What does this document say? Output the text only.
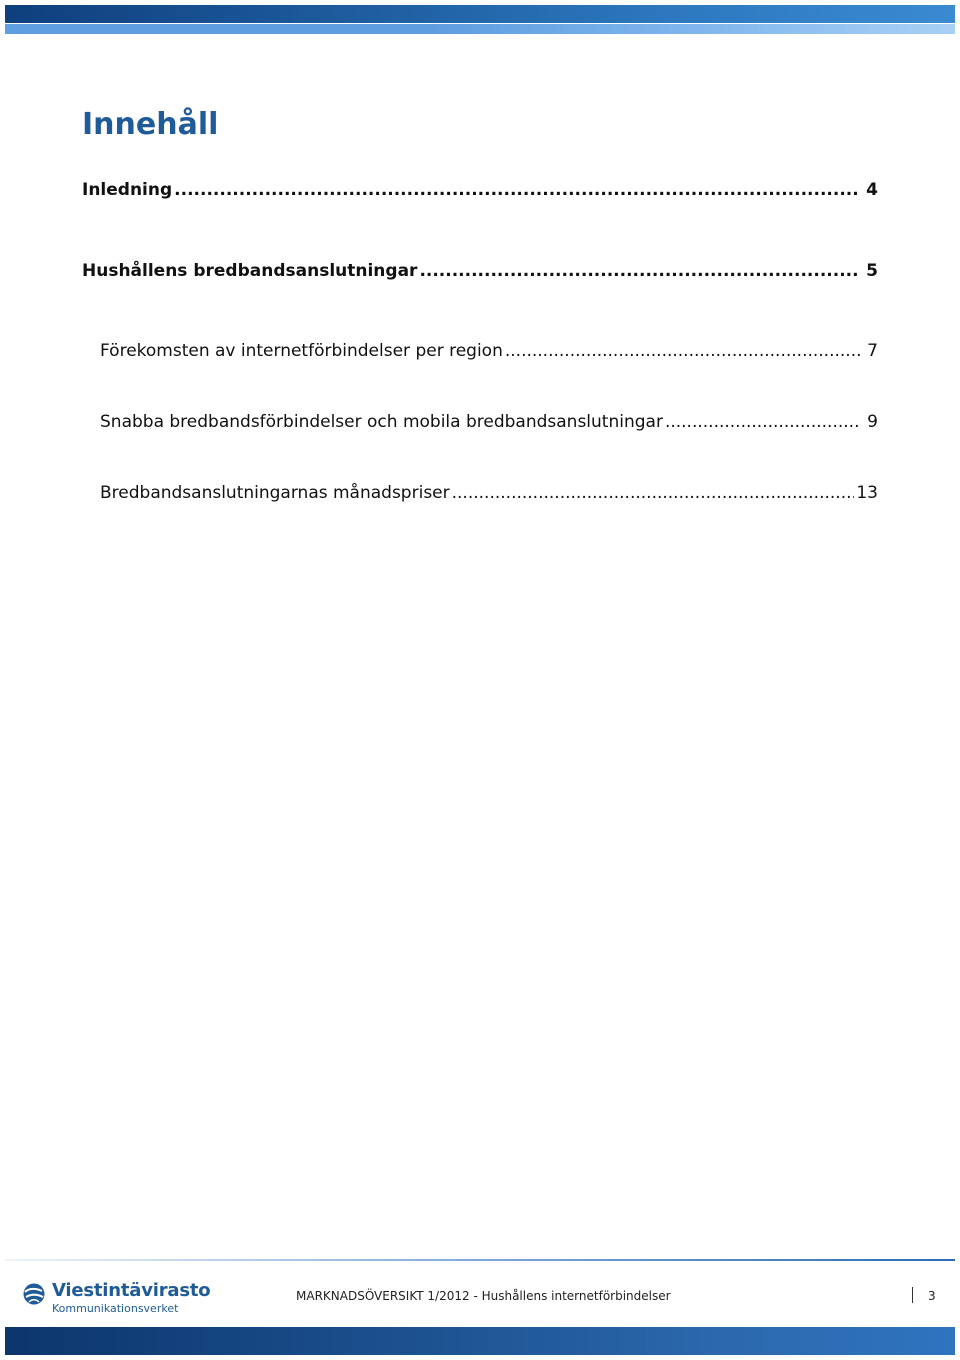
Innehåll
Inledning .....	4
Hushållens bredbandsanslutningar .....	5
Förekomsten av internetförbindelser per region .....	7
Snabba bredbandsförbindelser och mobila bredbandsanslutningar .....	9
Bredbandsanslutningarnas månadspriser .....	13

Viestintävirasto

Kommunikationsverket

MARKNADSÖVERSIKT 1/2012 - Hushållens internetförbindelser	3
